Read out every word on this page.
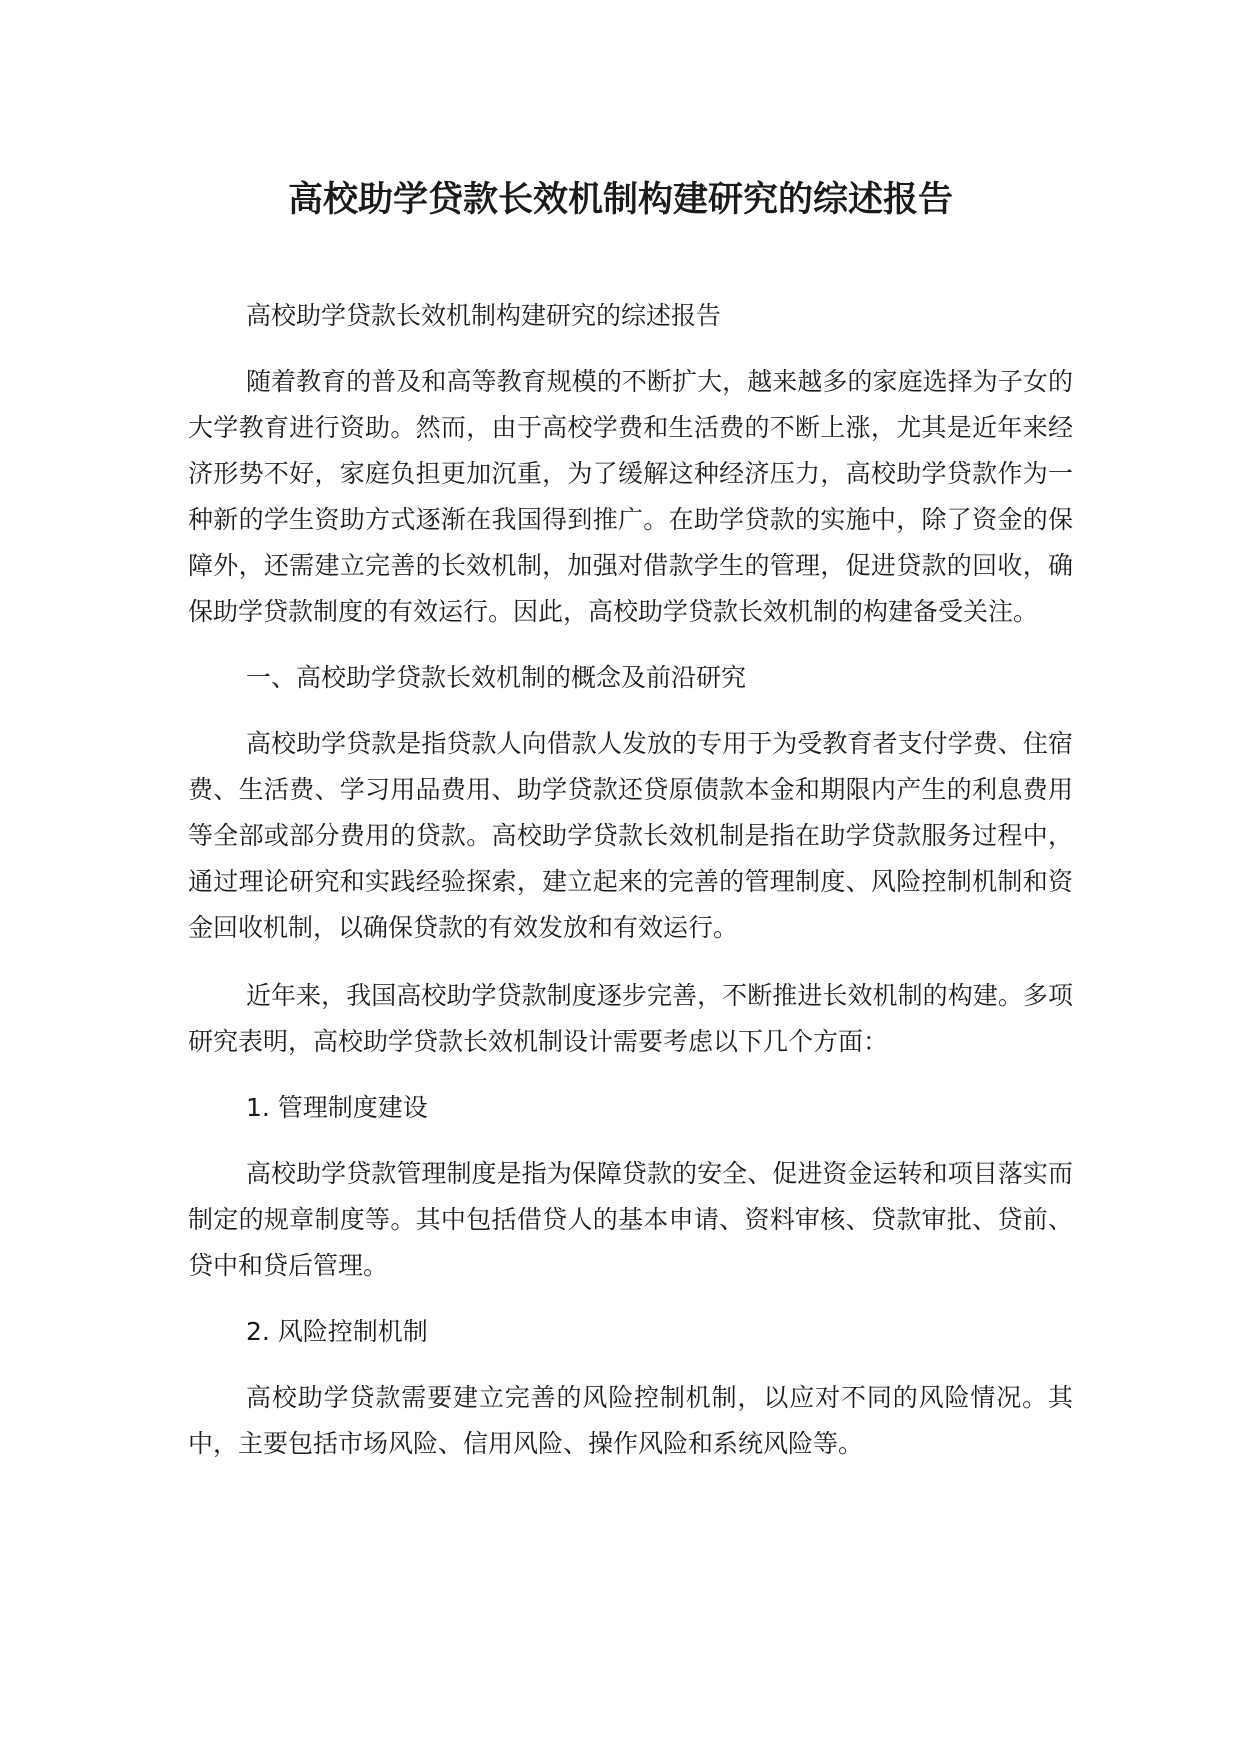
高校助学贷款长效机制构建研究的综述报告

高校助学贷款长效机制构建研究的综述报告

随着教育的普及和高等教育规模的不断扩大，越来越多的家庭选择为子女的大学教育进行资助。然而，由于高校学费和生活费的不断上涨，尤其是近年来经济形势不好，家庭负担更加沉重，为了缓解这种经济压力，高校助学贷款作为一种新的学生资助方式逐渐在我国得到推广。在助学贷款的实施中，除了资金的保障外，还需建立完善的长效机制，加强对借款学生的管理，促进贷款的回收，确保助学贷款制度的有效运行。因此，高校助学贷款长效机制的构建备受关注。

一、高校助学贷款长效机制的概念及前沿研究

高校助学贷款是指贷款人向借款人发放的专用于为受教育者支付学费、住宿费、生活费、学习用品费用、助学贷款还贷原债款本金和期限内产生的利息费用等全部或部分费用的贷款。高校助学贷款长效机制是指在助学贷款服务过程中，通过理论研究和实践经验探索，建立起来的完善的管理制度、风险控制机制和资金回收机制，以确保贷款的有效发放和有效运行。

近年来，我国高校助学贷款制度逐步完善，不断推进长效机制的构建。多项研究表明，高校助学贷款长效机制设计需要考虑以下几个方面：

1. 管理制度建设

高校助学贷款管理制度是指为保障贷款的安全、促进资金运转和项目落实而制定的规章制度等。其中包括借贷人的基本申请、资料审核、贷款审批、贷前、贷中和贷后管理。

2. 风险控制机制

高校助学贷款需要建立完善的风险控制机制，以应对不同的风险情况。其中，主要包括市场风险、信用风险、操作风险和系统风险等。
